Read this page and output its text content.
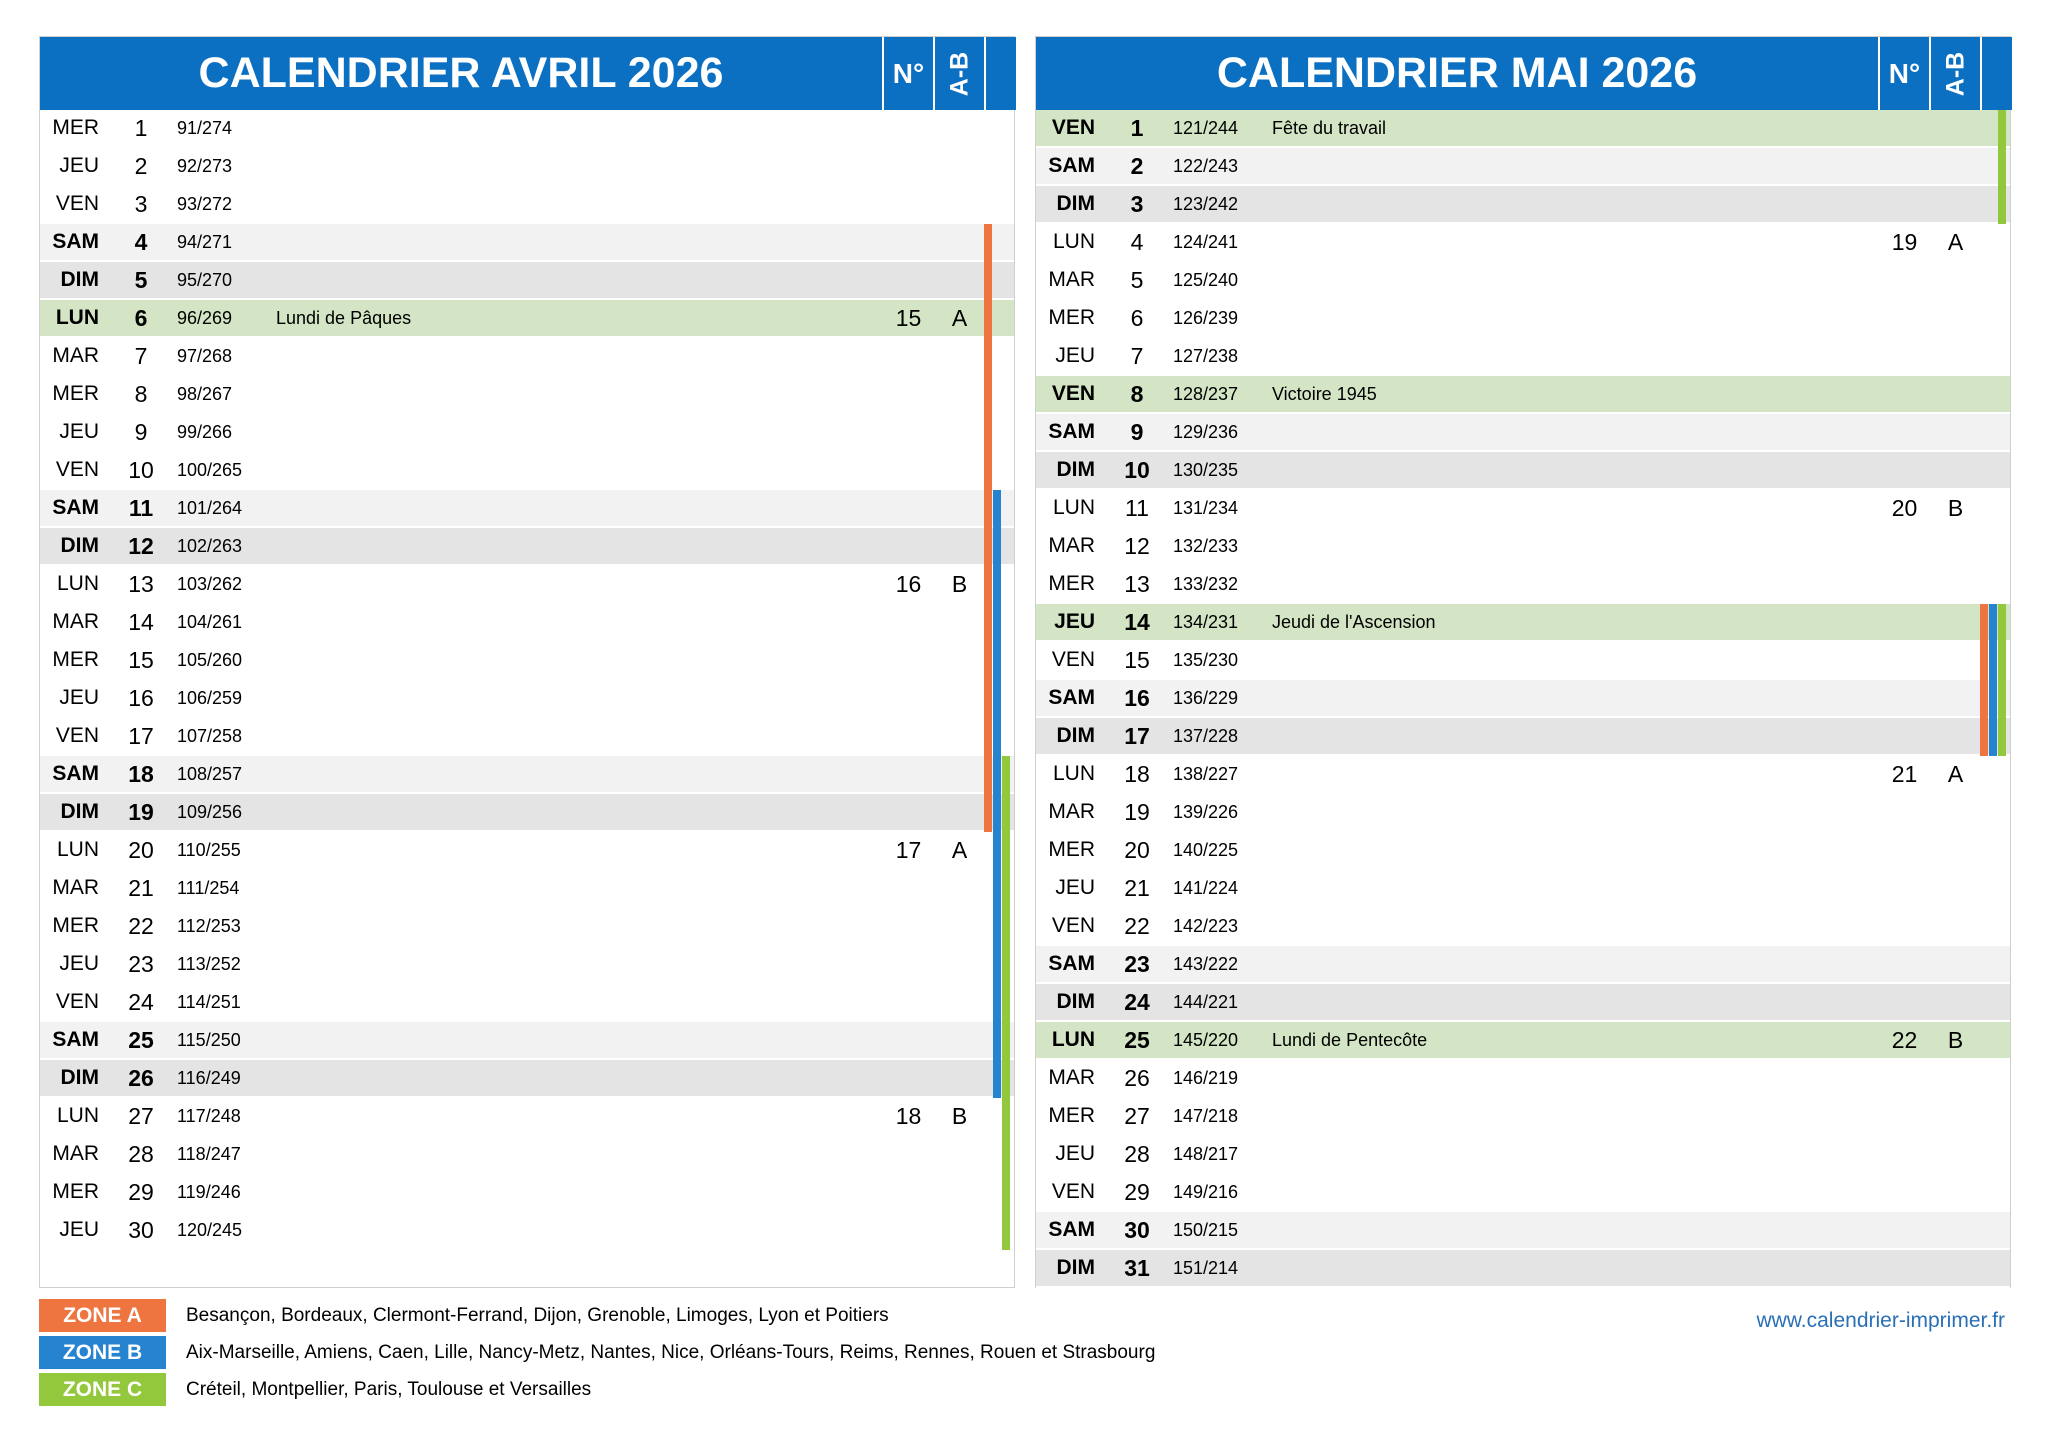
CALENDRIER AVRIL 2026	N° A-B
MER	1	91/274
JEU	2	92/273
VEN	3	93/272
SAM	4	94/271
DIM	5	95/270
LUN	6	96/269 Lundi de Pâques	15	A
MAR	7	97/268
MER	8	98/267
JEU	9	99/266
VEN	10	100/265
SAM	11	101/264
DIM	12	102/263
LUN	13	103/262	16	B
MAR	14	104/261
MER	15	105/260
JEU	16	106/259
VEN	17	107/258
SAM	18	108/257
DIM	19	109/256
LUN	20	110/255	17	A
MAR	21	111/254
MER	22	112/253
JEU	23	113/252
VEN	24	114/251
SAM	25	115/250
DIM	26	116/249
LUN	27	117/248	18	B
MAR	28	118/247
MER	29	119/246
JEU	30	120/245
CALENDRIER MAI 2026	N° A-B
VEN	1	121/244 Fête du travail
SAM	2	122/243
DIM	3	123/242
LUN	4	124/241	19	A
MAR	5	125/240
MER	6	126/239
JEU	7	127/238
VEN	8	128/237 Victoire 1945
SAM	9	129/236
DIM	10	130/235
LUN	11	131/234	20	B
MAR	12	132/233
MER	13	133/232
JEU	14	134/231 Jeudi de l'Ascension
VEN	15	135/230
SAM	16	136/229
DIM	17	137/228
LUN	18	138/227	21	A
MAR	19	139/226
MER	20	140/225
JEU	21	141/224
VEN	22	142/223
SAM	23	143/222
DIM	24	144/221
LUN	25	145/220 Lundi de Pentecôte	22	B
MAR	26	146/219
MER	27	147/218
JEU	28	148/217
VEN	29	149/216
SAM	30	150/215
DIM	31	151/214
ZONE A	Besançon, Bordeaux, Clermont-Ferrand, Dijon, Grenoble, Limoges, Lyon et Poitiers
ZONE B	Aix-Marseille, Amiens, Caen, Lille, Nancy-Metz, Nantes, Nice, Orléans-Tours, Reims, Rennes, Rouen et Strasbourg
ZONE C	Créteil, Montpellier, Paris, Toulouse et Versailles
www.calendrier-imprimer.fr
